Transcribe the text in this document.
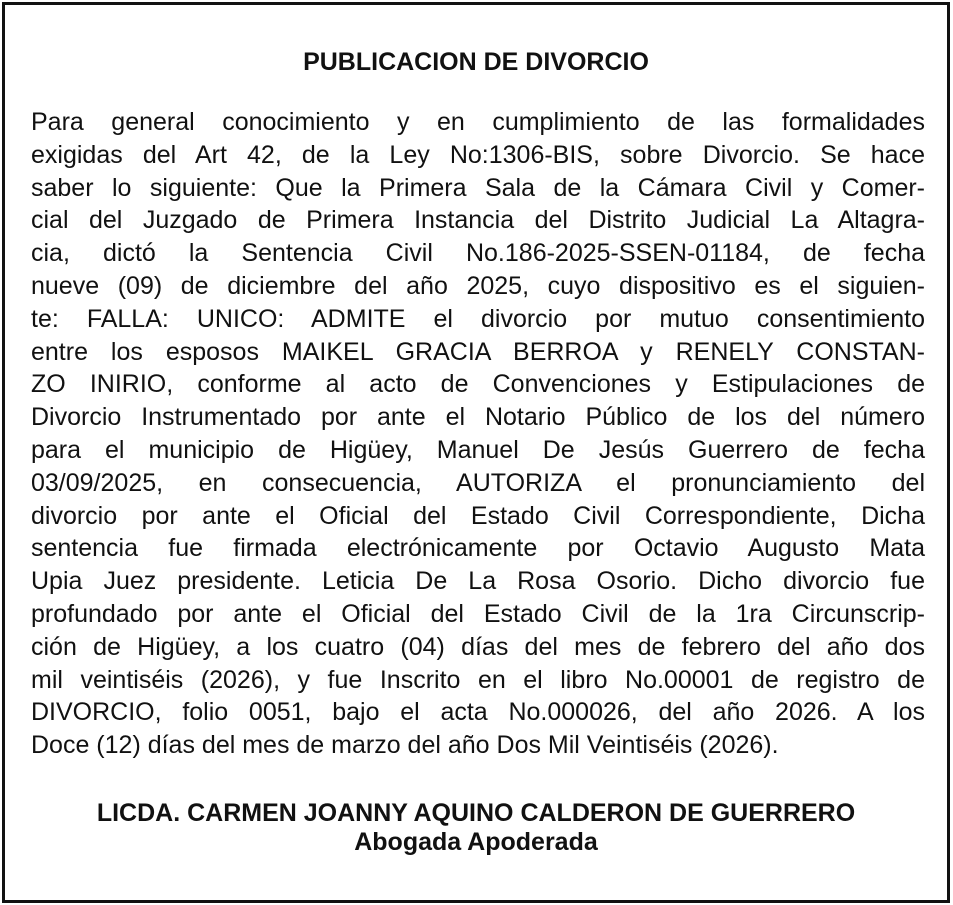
PUBLICACION DE DIVORCIO
Para general conocimiento y en cumplimiento de las formalidades
exigidas del Art 42, de la Ley No:1306-BIS, sobre Divorcio. Se hace
saber lo siguiente: Que la Primera Sala de la Cámara Civil y Comer-
cial del Juzgado de Primera Instancia del Distrito Judicial La Altagra-
cia, dictó la Sentencia Civil No.186-2025-SSEN-01184, de fecha
nueve (09) de diciembre del año 2025, cuyo dispositivo es el siguien-
te: FALLA: UNICO: ADMITE el divorcio por mutuo consentimiento
entre los esposos MAIKEL GRACIA BERROA y RENELY CONSTAN-
ZO INIRIO, conforme al acto de Convenciones y Estipulaciones de
Divorcio Instrumentado por ante el Notario Público de los del número
para el municipio de Higüey, Manuel De Jesús Guerrero de fecha
03/09/2025, en consecuencia, AUTORIZA el pronunciamiento del
divorcio por ante el Oficial del Estado Civil Correspondiente, Dicha
sentencia fue firmada electrónicamente por Octavio Augusto Mata
Upia Juez presidente. Leticia De La Rosa Osorio. Dicho divorcio fue
profundado por ante el Oficial del Estado Civil de la 1ra Circunscrip-
ción de Higüey, a los cuatro (04) días del mes de febrero del año dos
mil veintiséis (2026), y fue Inscrito en el libro No.00001 de registro de
DIVORCIO, folio 0051, bajo el acta No.000026, del año 2026. A los
Doce (12) días del mes de marzo del año Dos Mil Veintiséis (2026).
LICDA. CARMEN JOANNY AQUINO CALDERON DE GUERRERO
Abogada Apoderada
